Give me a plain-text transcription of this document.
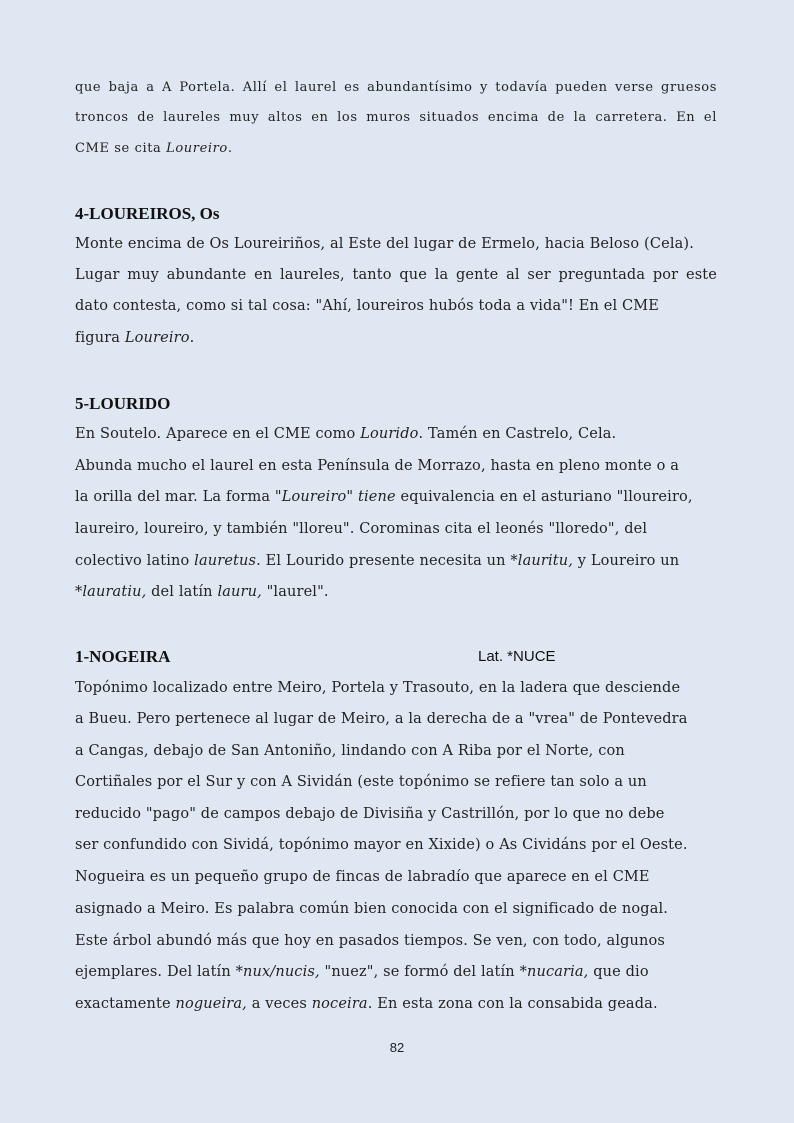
que baja a A Portela. Allí el laurel es abundantísimo y todavía pueden verse gruesos
troncos de laureles muy altos en los muros situados encima de la carretera. En el
CME se cita Loureiro.
4-LOUREIROS, Os
Monte encima de Os Loureiriños, al Este del lugar de Ermelo, hacia Beloso (Cela).
Lugar muy abundante en laureles, tanto que la gente al ser preguntada por este
dato contesta, como si tal cosa: "Ahí, loureiros hubós toda a vida"! En el CME
figura Loureiro.
5-LOURIDO
En Soutelo. Aparece en el CME como Lourido. Tamén en Castrelo, Cela.
Abunda mucho el laurel en esta Península de Morrazo, hasta en pleno monte o a
la orilla del mar. La forma "Loureiro" tiene equivalencia en el asturiano "lloureiro,
laureiro, loureiro, y también "lloreu". Corominas cita el leonés "lloredo", del
colectivo latino lauretus. El Lourido presente necesita un *lauritu, y Loureiro un
*lauratiu, del latín lauru, "laurel".
1-NOGEIRA	Lat. *NUCE
Topónimo localizado entre Meiro, Portela y Trasouto, en la ladera que desciende
a Bueu. Pero pertenece al lugar de Meiro, a la derecha de a "vrea" de Pontevedra
a Cangas, debajo de San Antoniño, lindando con A Riba por el Norte, con
Cortiñales por el Sur y con A Sividán (este topónimo se refiere tan solo a un
reducido "pago" de campos debajo de Divisiña y Castrillón, por lo que no debe
ser confundido con Sividá, topónimo mayor en Xixide) o As Cividáns por el Oeste.
Nogueira es un pequeño grupo de fincas de labradío que aparece en el CME
asignado a Meiro. Es palabra común bien conocida con el significado de nogal.
Este árbol abundó más que hoy en pasados tiempos. Se ven, con todo, algunos
ejemplares. Del latín *nux/nucis, "nuez", se formó del latín *nucaria, que dio
exactamente nogueira, a veces noceira. En esta zona con la consabida geada.
82
